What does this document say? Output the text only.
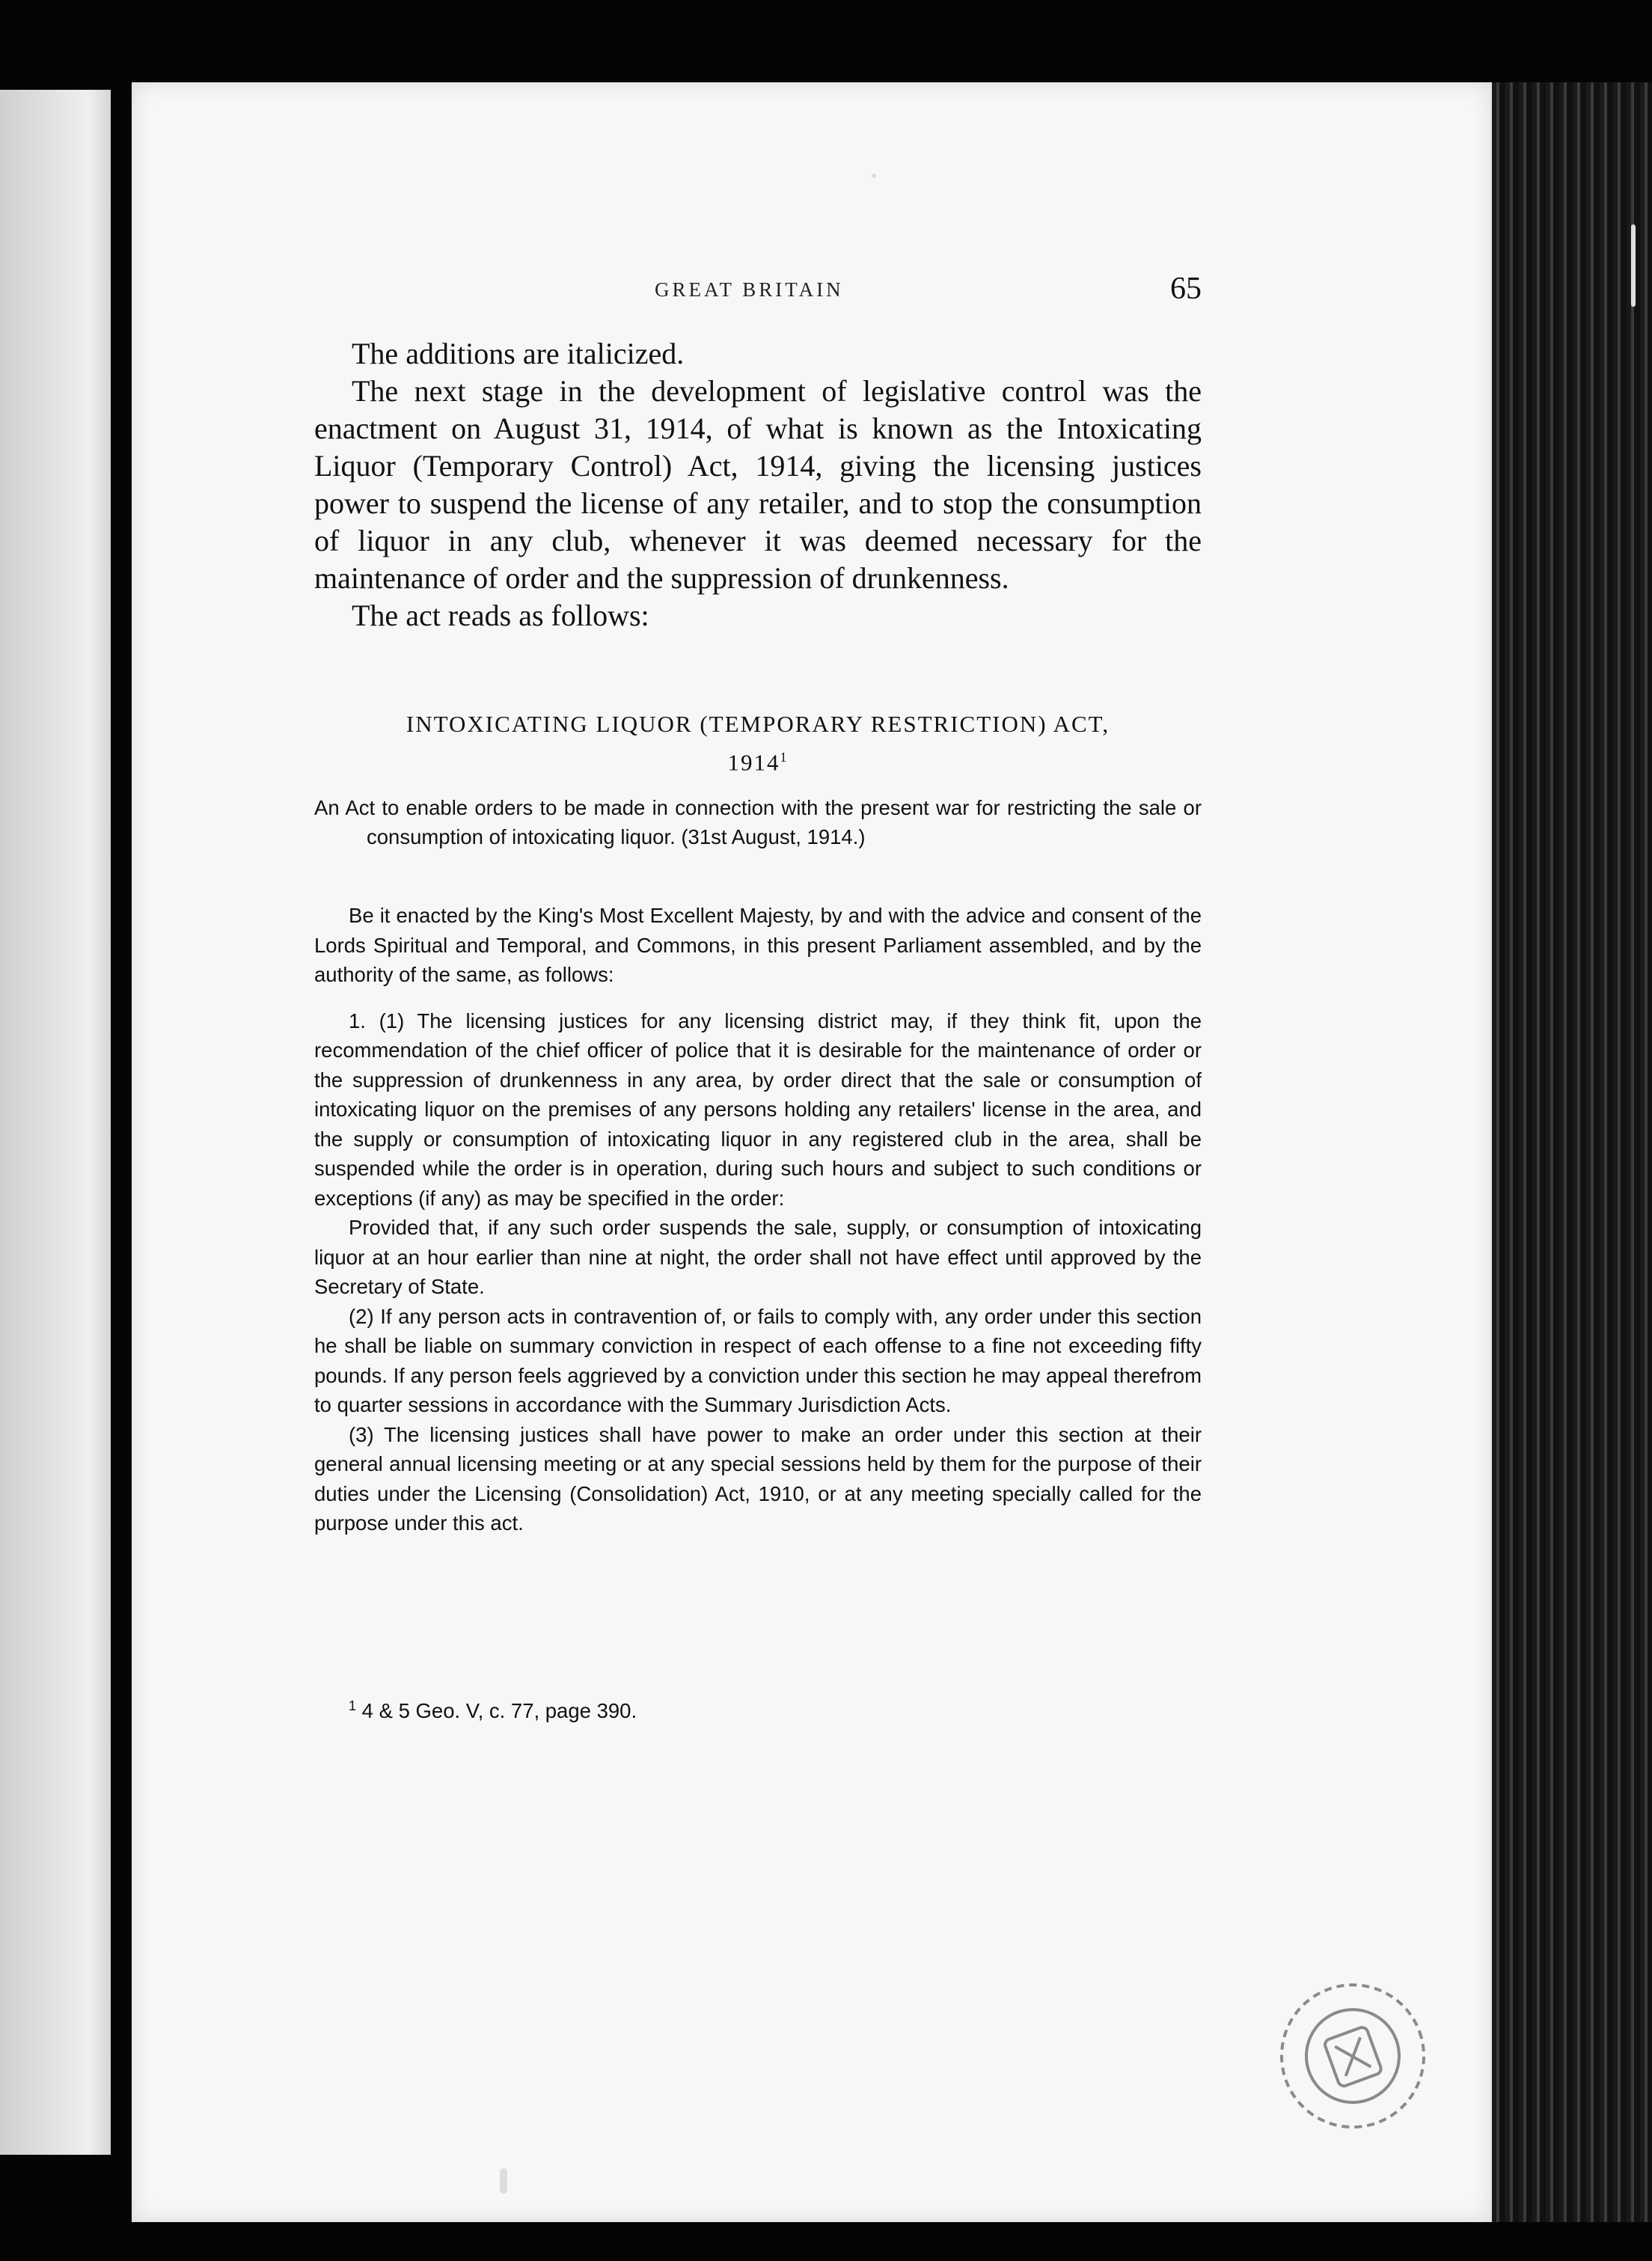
GREAT BRITAIN	65

The additions are italicized.

The next stage in the development of legislative control was the enactment on August 31, 1914, of what is known as the Intoxicating Liquor (Temporary Control) Act, 1914, giving the licensing justices power to suspend the license of any retailer, and to stop the consumption of liquor in any club, whenever it was deemed necessary for the maintenance of order and the suppression of drunkenness.

The act reads as follows:

INTOXICATING LIQUOR (TEMPORARY RESTRICTION) ACT,

1914$^1$

An Act to enable orders to be made in connection with the present war for restricting the sale or consumption of intoxicating liquor. (31st August, 1914.)

Be it enacted by the King's Most Excellent Majesty, by and with the advice and consent of the Lords Spiritual and Temporal, and Commons, in this present Parliament assembled, and by the authority of the same, as follows:

1. (1) The licensing justices for any licensing district may, if they think fit, upon the recommendation of the chief officer of police that it is desirable for the maintenance of order or the suppression of drunkenness in any area, by order direct that the sale or consumption of intoxicating liquor on the premises of any persons holding any retailers' license in the area, and the supply or consumption of intoxicating liquor in any registered club in the area, shall be suspended while the order is in operation, during such hours and subject to such conditions or exceptions (if any) as may be specified in the order:

Provided that, if any such order suspends the sale, supply, or consumption of intoxicating liquor at an hour earlier than nine at night, the order shall not have effect until approved by the Secretary of State.

(2) If any person acts in contravention of, or fails to comply with, any order under this section he shall be liable on summary conviction in respect of each offense to a fine not exceeding fifty pounds. If any person feels aggrieved by a conviction under this section he may appeal therefrom to quarter sessions in accordance with the Summary Jurisdiction Acts.

(3) The licensing justices shall have power to make an order under this section at their general annual licensing meeting or at any special sessions held by them for the purpose of their duties under the Licensing (Consolidation) Act, 1910, or at any meeting specially called for the purpose under this act.

$^1$ 4 & 5 Geo. V, c. 77, page 390.
